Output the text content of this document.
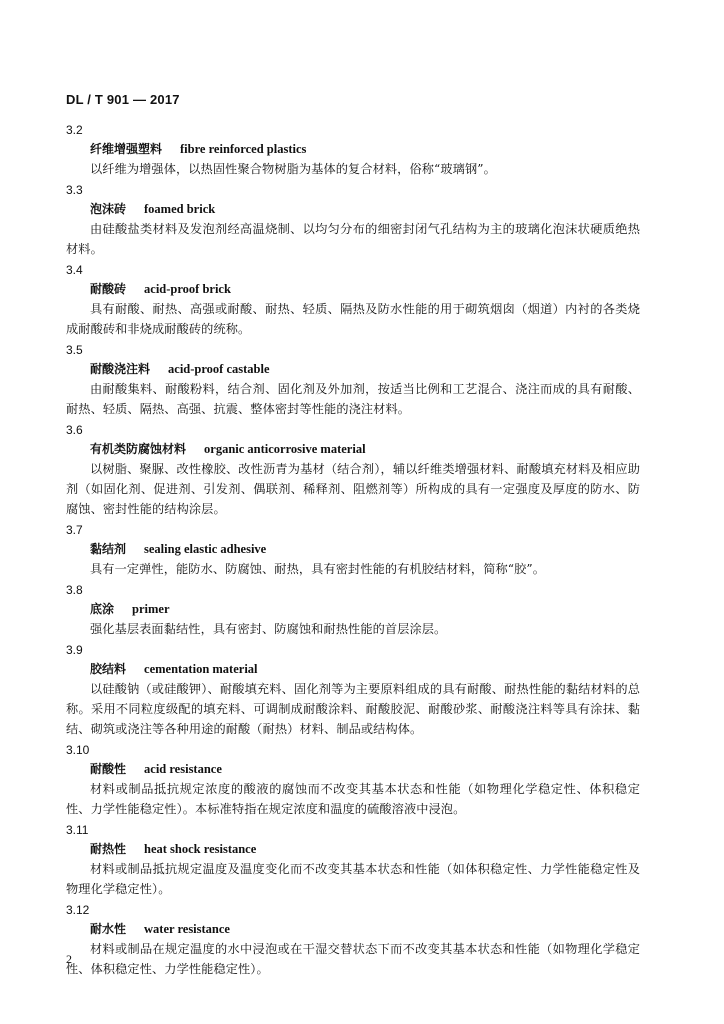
DL / T 901 — 2017
3.2
纤维增强塑料 fibre reinforced plastics

以纤维为增强体，以热固性聚合物树脂为基体的复合材料，俗称“玻璃钢”。

3.3
泡沫砖 foamed brick

由硅酸盐类材料及发泡剂经高温烧制、以均匀分布的细密封闭气孔结构为主的玻璃化泡沫状硬质绝热材料。

3.4
耐酸砖 acid-proof brick

具有耐酸、耐热、高强或耐酸、耐热、轻质、隔热及防水性能的用于砌筑烟囱（烟道）内衬的各类烧成耐酸砖和非烧成耐酸砖的统称。

3.5
耐酸浇注料 acid-proof castable

由耐酸集料、耐酸粉料，结合剂、固化剂及外加剂，按适当比例和工艺混合、浇注而成的具有耐酸、耐热、轻质、隔热、高强、抗震、整体密封等性能的浇注材料。

3.6
有机类防腐蚀材料 organic anticorrosive material

以树脂、聚脲、改性橡胶、改性沥青为基材（结合剂），辅以纤维类增强材料、耐酸填充材料及相应助剂（如固化剂、促进剂、引发剂、偶联剂、稀释剂、阻燃剂等）所构成的具有一定强度及厚度的防水、防腐蚀、密封性能的结构涂层。

3.7
黏结剂 sealing elastic adhesive

具有一定弹性，能防水、防腐蚀、耐热，具有密封性能的有机胶结材料，简称“胶”。

3.8
底涂 primer

强化基层表面黏结性，具有密封、防腐蚀和耐热性能的首层涂层。

3.9
胶结料 cementation material

以硅酸钠（或硅酸钾）、耐酸填充料、固化剂等为主要原料组成的具有耐酸、耐热性能的黏结材料的总称。采用不同粒度级配的填充料、可调制成耐酸涂料、耐酸胶泥、耐酸砂浆、耐酸浇注料等具有涂抹、黏结、砌筑或浇注等各种用途的耐酸（耐热）材料、制品或结构体。

3.10
耐酸性 acid resistance

材料或制品抵抗规定浓度的酸液的腐蚀而不改变其基本状态和性能（如物理化学稳定性、体积稳定性、力学性能稳定性）。本标准特指在规定浓度和温度的硫酸溶液中浸泡。

3.11
耐热性 heat shock resistance

材料或制品抵抗规定温度及温度变化而不改变其基本状态和性能（如体积稳定性、力学性能稳定性及物理化学稳定性）。

3.12
耐水性 water resistance

材料或制品在规定温度的水中浸泡或在干湿交替状态下而不改变其基本状态和性能（如物理化学稳定性、体积稳定性、力学性能稳定性）。

2
